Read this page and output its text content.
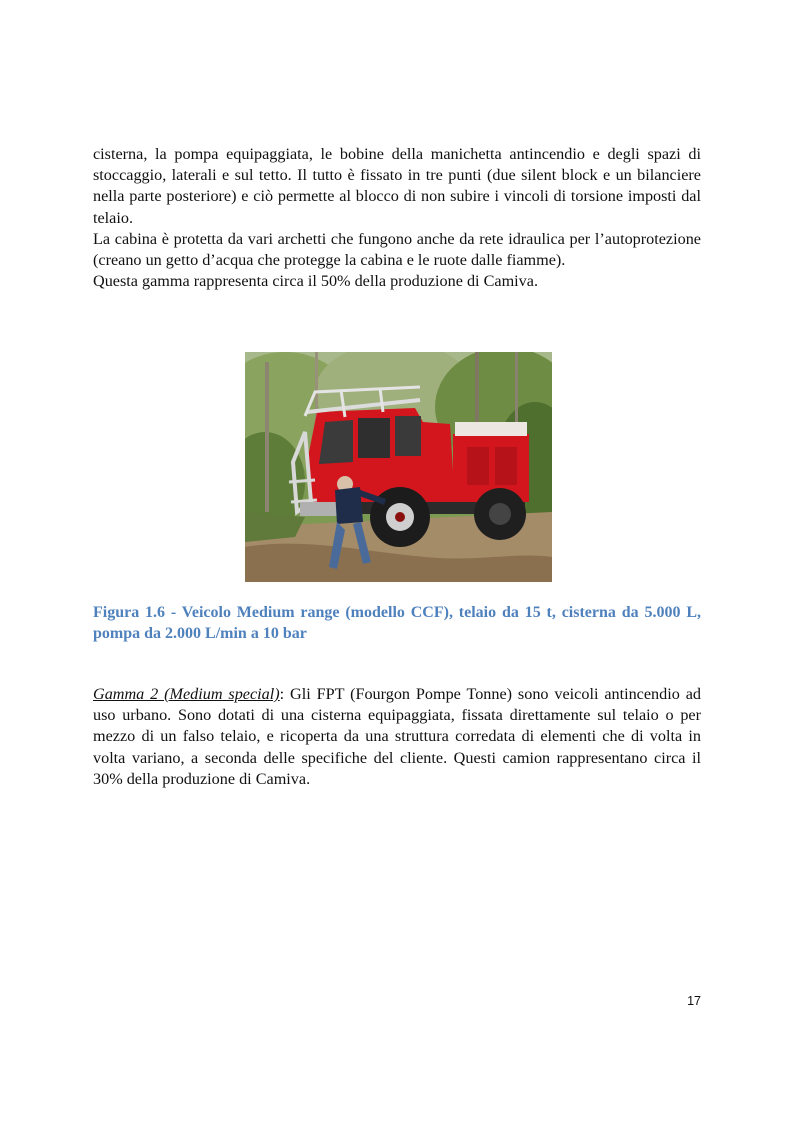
cisterna, la pompa equipaggiata, le bobine della manichetta antincendio e degli spazi di stoccaggio, laterali e sul tetto. Il tutto è fissato in tre punti (due silent block e un bilanciere nella parte posteriore) e ciò permette al blocco di non subire i vincoli di torsione imposti dal telaio.

La cabina è protetta da vari archetti che fungono anche da rete idraulica per l’autoprotezione (creano un getto d’acqua che protegge la cabina e le ruote dalle fiamme).

Questa gamma rappresenta circa il 50% della produzione di Camiva.

Figura 1.6 - Veicolo Medium range (modello CCF), telaio da 15 t, cisterna da 5.000 L, pompa da 2.000 L/min a 10 bar

Gamma 2 (Medium special): Gli FPT (Fourgon Pompe Tonne) sono veicoli antincendio ad uso urbano. Sono dotati di una cisterna equipaggiata, fissata direttamente sul telaio o per mezzo di un falso telaio, e ricoperta da una struttura corredata di elementi che di volta in volta variano, a seconda delle specifiche del cliente. Questi camion rappresentano circa il 30% della produzione di Camiva.

17
